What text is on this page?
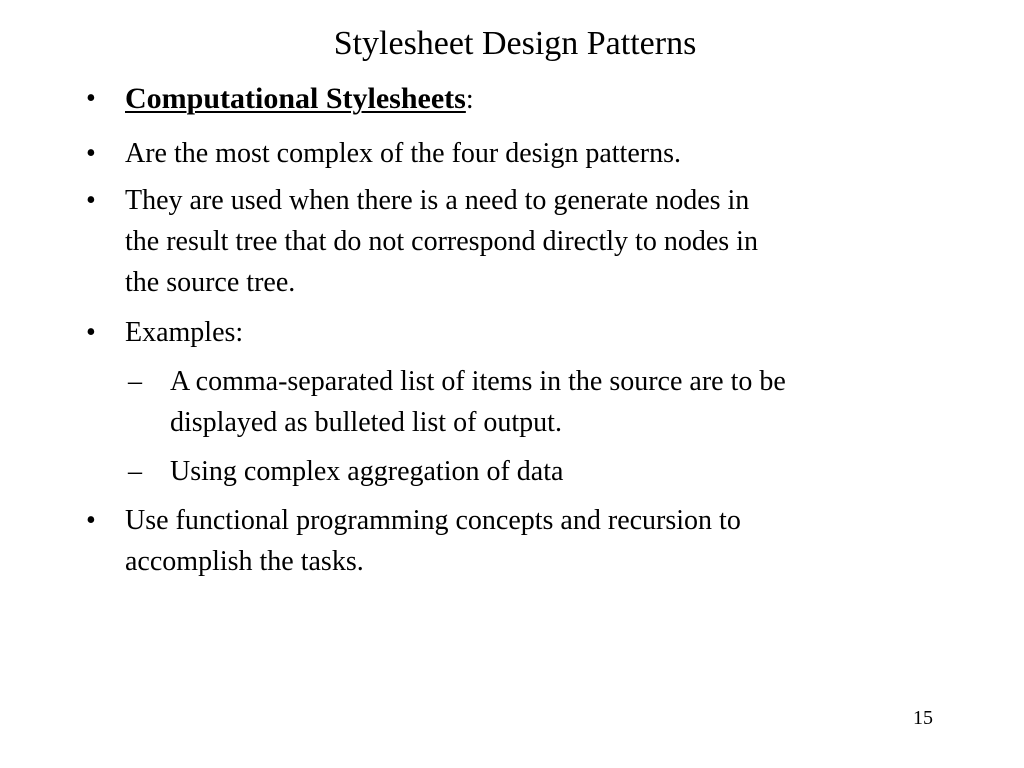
Stylesheet Design Patterns
• Computational Stylesheets:
• Are the most complex of the four design patterns.
• They are used when there is a need to generate nodes in
the result tree that do not correspond directly to nodes in
the source tree.
• Examples:
– A comma-separated list of items in the source are to be
displayed as bulleted list of output.
– Using complex aggregation of data
• Use functional programming concepts and recursion to
accomplish the tasks.
15
